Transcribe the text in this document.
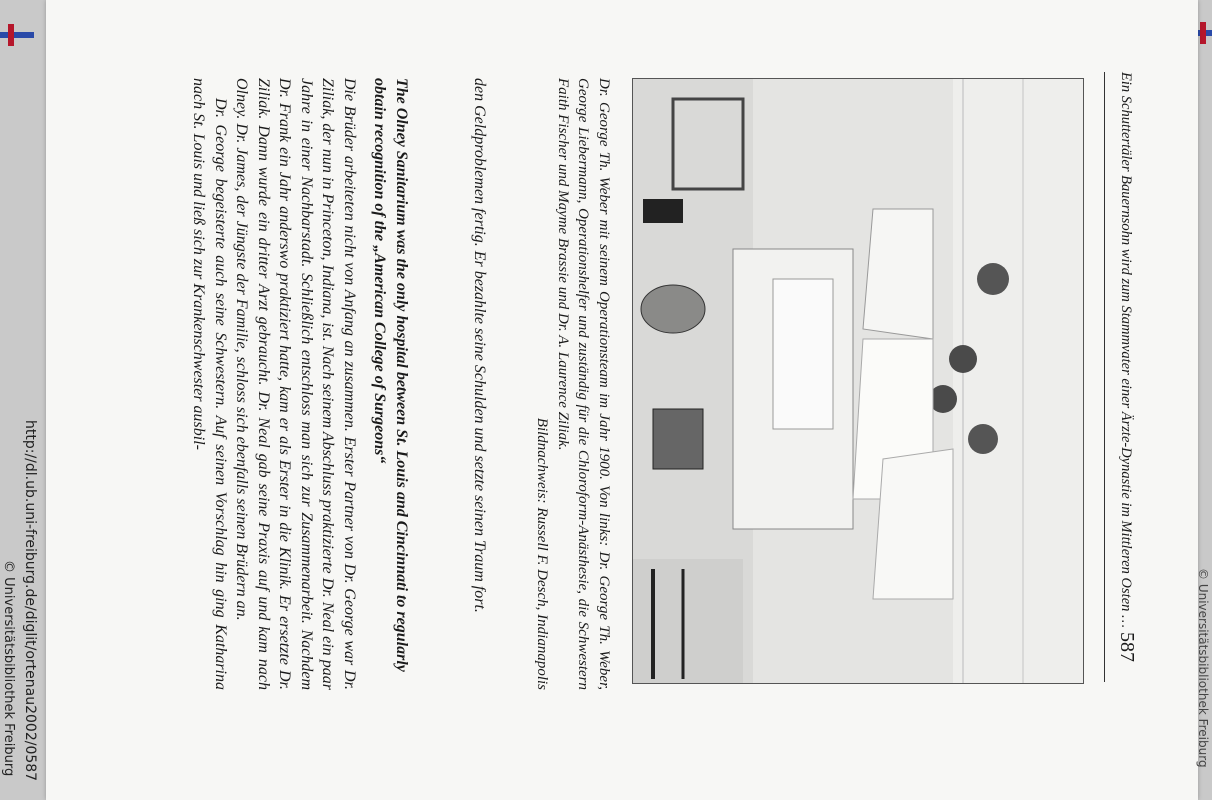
Ein Schuttertäler Bauernsohn wird zum Stammvater einer Ärzte-Dynastie im Mittleren Osten …
587
Dr. George Th. Weber mit seinem Operationsteam im Jahr 1900. Von links: Dr. George Th. Weber, George Liebermann, Operationshelfer und zuständig für die Chloroform-Anästhesie, die Schwestern Faith Fischer und Mayme Brassie und Dr. A. Laurence Ziliak.
Bildnachweis: Russell F. Desch, Indianapolis
den Geldproblemen fertig. Er bezahlte seine Schulden und setzte seinen Traum fort.
The Olney Sanitarium was the only hospital between St. Louis and Cincinnati to regularly obtain recognition of the „American College of Surgeons“

Die Brüder arbeiteten nicht von Anfang an zusammen. Erster Partner von Dr. George war Dr. Ziliak, der nun in Princeton, Indiana, ist. Nach seinem Abschluss praktizierte Dr. Neal ein paar Jahre in einer Nachbarstadt. Schließlich entschloss man sich zur Zusammenarbeit. Nachdem Dr. Frank ein Jahr anderswo praktiziert hatte, kam er als Erster in die Klinik. Er ersetzte Dr. Ziliak. Dann wurde ein dritter Arzt gebraucht. Dr. Neal gab seine Praxis auf und kam nach Olney. Dr. James, der Jüngste der Familie, schloss sich ebenfalls seinen Brüdern an.

Dr. George begeisterte auch seine Schwestern. Auf seinen Vorschlag hin ging Katharina nach St. Louis und ließ sich zur Krankenschwester ausbil-

http://dl.ub.uni-freiburg.de/diglit/ortenau2002/0587
© Universitätsbibliothek Freiburg	© Universitätsbibliothek Freiburg
